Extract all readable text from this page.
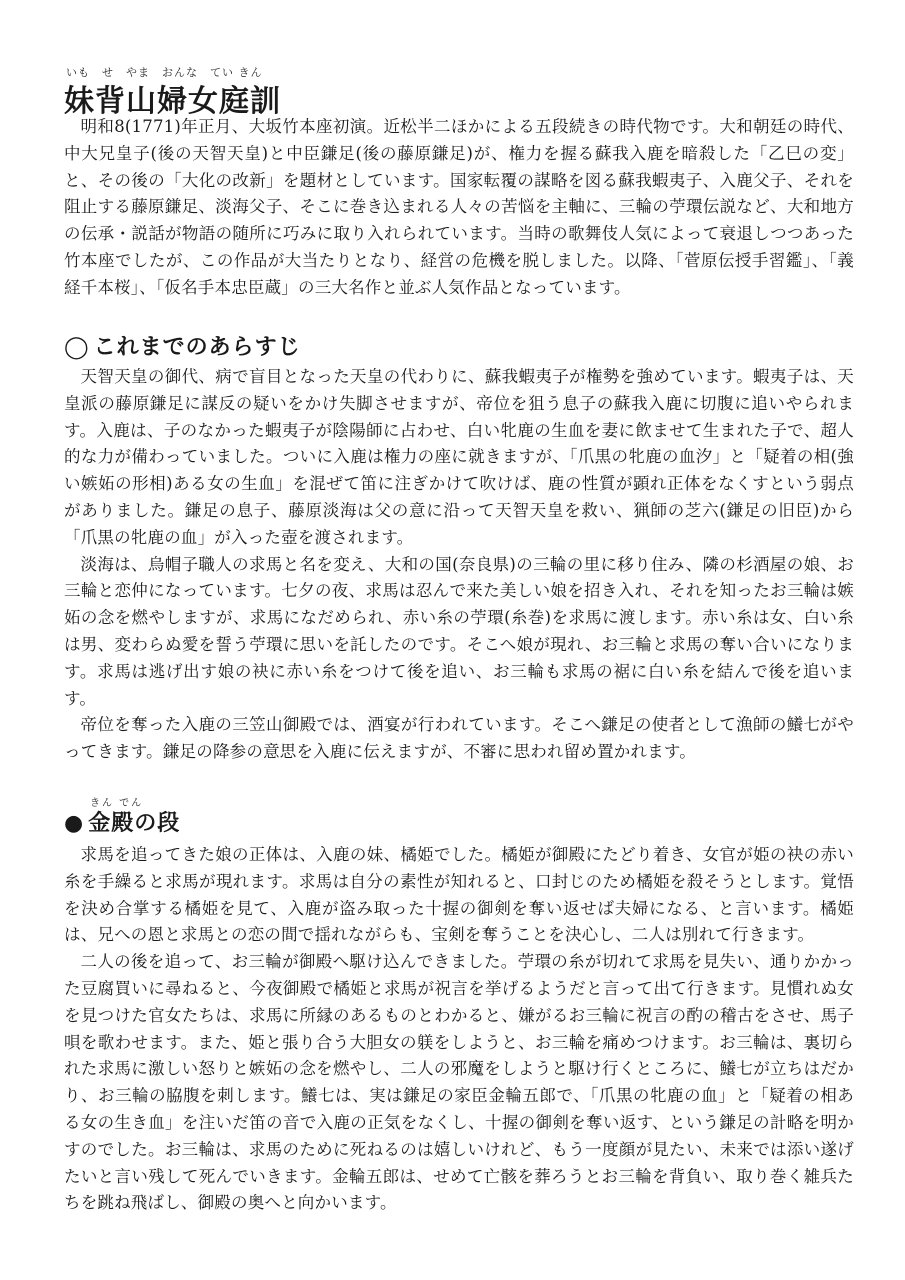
いも　せ　やま　おんな　てい きん
妹背山婦女庭訓

明和8(1771)年正月、大坂竹本座初演。近松半二ほかによる五段続きの時代物です。大和朝廷の時代、中大兄皇子(後の天智天皇)と中臣鎌足(後の藤原鎌足)が、権力を握る蘇我入鹿を暗殺した「乙巳の変」と、その後の「大化の改新」を題材としています。国家転覆の謀略を図る蘇我蝦夷子、入鹿父子、それを阻止する藤原鎌足、淡海父子、そこに巻き込まれる人々の苦悩を主軸に、三輪の苧環伝説など、大和地方の伝承・説話が物語の随所に巧みに取り入れられています。当時の歌舞伎人気によって衰退しつつあった竹本座でしたが、この作品が大当たりとなり、経営の危機を脱しました。以降、「菅原伝授手習鑑」、「義経千本桜」、「仮名手本忠臣蔵」の三大名作と並ぶ人気作品となっています。

◯ これまでのあらすじ

天智天皇の御代、病で盲目となった天皇の代わりに、蘇我蝦夷子が権勢を強めています。蝦夷子は、天皇派の藤原鎌足に謀反の疑いをかけ失脚させますが、帝位を狙う息子の蘇我入鹿に切腹に追いやられます。入鹿は、子のなかった蝦夷子が陰陽師に占わせ、白い牝鹿の生血を妻に飲ませて生まれた子で、超人的な力が備わっていました。ついに入鹿は権力の座に就きますが、「爪黒の牝鹿の血汐」と「疑着の相(強い嫉妬の形相)ある女の生血」を混ぜて笛に注ぎかけて吹けば、鹿の性質が顕れ正体をなくすという弱点がありました。鎌足の息子、藤原淡海は父の意に沿って天智天皇を救い、猟師の芝六(鎌足の旧臣)から「爪黒の牝鹿の血」が入った壺を渡されます。

淡海は、烏帽子職人の求馬と名を変え、大和の国(奈良県)の三輪の里に移り住み、隣の杉酒屋の娘、お三輪と恋仲になっています。七夕の夜、求馬は忍んで来た美しい娘を招き入れ、それを知ったお三輪は嫉妬の念を燃やしますが、求馬になだめられ、赤い糸の苧環(糸巻)を求馬に渡します。赤い糸は女、白い糸は男、変わらぬ愛を誓う苧環に思いを託したのです。そこへ娘が現れ、お三輪と求馬の奪い合いになります。求馬は逃げ出す娘の袂に赤い糸をつけて後を追い、お三輪も求馬の裾に白い糸を結んで後を追います。

帝位を奪った入鹿の三笠山御殿では、酒宴が行われています。そこへ鎌足の使者として漁師の鱶七がやってきます。鎌足の降参の意思を入鹿に伝えますが、不審に思われ留め置かれます。

きん でん
● 金殿の段

求馬を追ってきた娘の正体は、入鹿の妹、橘姫でした。橘姫が御殿にたどり着き、女官が姫の袂の赤い糸を手繰ると求馬が現れます。求馬は自分の素性が知れると、口封じのため橘姫を殺そうとします。覚悟を決め合掌する橘姫を見て、入鹿が盗み取った十握の御剣を奪い返せば夫婦になる、と言います。橘姫は、兄への恩と求馬との恋の間で揺れながらも、宝剣を奪うことを決心し、二人は別れて行きます。

二人の後を追って、お三輪が御殿へ駆け込んできました。苧環の糸が切れて求馬を見失い、通りかかった豆腐買いに尋ねると、今夜御殿で橘姫と求馬が祝言を挙げるようだと言って出て行きます。見慣れぬ女を見つけた官女たちは、求馬に所縁のあるものとわかると、嫌がるお三輪に祝言の酌の稽古をさせ、馬子唄を歌わせます。また、姫と張り合う大胆女の躾をしようと、お三輪を痛めつけます。お三輪は、裏切られた求馬に激しい怒りと嫉妬の念を燃やし、二人の邪魔をしようと駆け行くところに、鱶七が立ちはだかり、お三輪の脇腹を刺します。鱶七は、実は鎌足の家臣金輪五郎で、「爪黒の牝鹿の血」と「疑着の相ある女の生き血」を注いだ笛の音で入鹿の正気をなくし、十握の御剣を奪い返す、という鎌足の計略を明かすのでした。お三輪は、求馬のために死ねるのは嬉しいけれど、もう一度顔が見たい、未来では添い遂げたいと言い残して死んでいきます。金輪五郎は、せめて亡骸を葬ろうとお三輪を背負い、取り巻く雑兵たちを跳ね飛ばし、御殿の奥へと向かいます。
